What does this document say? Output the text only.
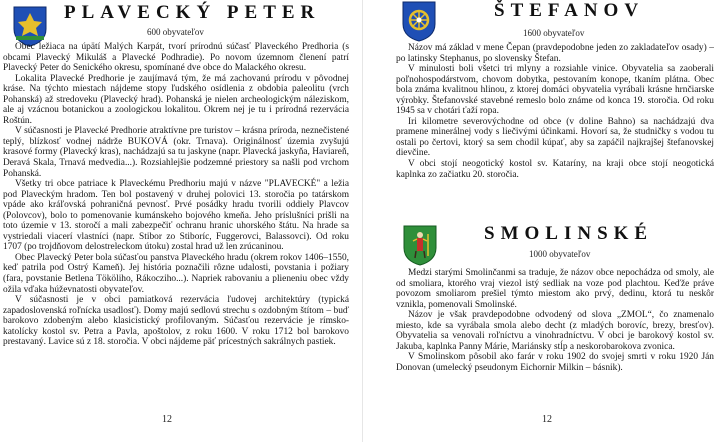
PLAVECKÝ PETER
600 obyvateľov

Obec ležiaca na úpätí Malých Karpát, tvorí prírodnú súčasť Plaveckého Predhoria (s obcami Plavecký Mikuláš a Plavecké Podhradie). Po novom územnom členení patrí Plavecký Peter do Senického okresu, spomínané dve obce do Malackého okresu.

Lokalita Plavecké Predhorie je zaujímavá tým, že má zachovanú prírodu v pôvodnej kráse. Na týchto miestach nájdeme stopy ľudského osídlenia z obdobia paleolitu (vrch Pohanská) až stredoveku (Plavecký hrad). Pohanská je nielen archeologickým náleziskom, ale aj vzácnou botanickou a zoologickou lokalitou. Okrem nej je tu i prírodná rezervácia Roštún.

V súčasnosti je Plavecké Predhorie atraktívne pre turistov – krásna príroda, neznečistené teplý, blízkosť vodnej nádrže BUKOVÁ (okr. Trnava). Originálnosť územia zvyšujú krasové formy (Plavecký kras), nachádzajú sa tu jaskyne (napr. Plavecká jaskyňa, Haviareň, Deravá Skala, Trnavá medvedia...). Rozsiahlejšie podzemné priestory sa našli pod vrchom Pohanská.

Všetky tri obce patriace k Plaveckému Predhoriu majú v názve "PLAVECKÉ" a ležia pod Plaveckým hradom. Ten bol postavený v druhej polovici 13. storočia po tatárskom vpáde ako kráľovská pohraničná pevnosť. Prvé posádky hradu tvorili oddiely Plavcov (Polovcov), bolo to pomenovanie kumánskeho bojového kmeňa. Jeho príslušníci prišli na toto územie v 13. storočí a mali zabezpečiť ochranu hranic uhorského štátu. Na hrade sa vystriedali viacerí vlastníci (napr. Stibor zo Stiboríc, Fuggerovci, Balassovci). Od roku 1707 (po trojdňovom delostreleckom útoku) zostal hrad už len zrúcaninou.

Obec Plavecký Peter bola súčasťou panstva Plaveckého hradu (okrem rokov 1406–1550, keď patrila pod Ostrý Kameň). Jej história poznačili rôzne udalosti, povstania i požiary (fara, povstanie Betlena Tököliho, Rákocziho...). Napriek rabovaniu a plieneniu obec vždy ožila vďaka húževnatosti obyvateľov.

V súčasnosti je v obci pamiatková rezervácia ľudovej architektúry (typická zapadoslovenská roľnícka usadlosť). Domy majú sedlovú strechu s ozdobným štítom – buď barokovo zdobeným alebo klasicistický profilovaným. Súčasťou rezervácie je rímsko-katolícky kostol sv. Petra a Pavla, apoštolov, z roku 1600. V roku 1712 bol barokovo prestavaný. Lavice sú z 18. storočia. V obci nájdeme päť prícestných sakrálnych pastiek.

12
ŠTEFANOV
1600 obyvateľov

Názov má základ v mene Čepan (pravdepodobne jeden zo zakladateľov osady) – po latinsky Stephanus, po slovensky Štefan.

V minulosti boli všetci tri mlyny a rozsiahle vinice. Obyvatelia sa zaoberali poľnohospodárstvom, chovom dobytka, pestovaním konope, tkaním plátna. Obec bola známa kvalitnou hlinou, z ktorej domáci obyvatelia vyrábali krásne hrnčiarske výrobky. Štefanovské stavebné remeslo bolo známe od konca 19. storočia. Od roku 1945 sa v chotári ťaží ropa.

Iri kilometre severovýchodne od obce (v doline Bahno) sa nachádzajú dva pramene minerálnej vody s liečivými účinkami. Hovorí sa, že studničky s vodou tu ostali po čertovi, ktorý sa sem chodil kúpať, aby sa zapáčil najkrajšej štefanovskej dievčine.

V obci stojí neogotický kostol sv. Kataríny, na kraji obce stojí neogotická kaplnka zo začiatku 20. storočia.

SMOLINSKÉ
1000 obyvateľov

Medzi starými Smolinčanmi sa traduje, že názov obce nepochádza od smoly, ale od smoliara, ktorého vraj viezol istý sedliak na voze pod plachtou. Keďže práve povozom smoliarom prešiel týmto miestom ako prvý, dedinu, ktorá tu neskôr vznikla, pomenovali Smolinské.

Názov je však pravdepodobne odvodený od slova „ZMOL“, čo znamenalo miesto, kde sa vyrábala smola alebo decht (z mladých borovíc, brezy, bresťov). Obyvatelia sa venovali roľníctvu a vinohradníctvu. V obci je barokový kostol sv. Jakuba, kaplnka Panny Márie, Mariánsky stĺp a neskorobarokova zvonica.

V Smolinskom pôsobil ako farár v roku 1902 do svojej smrti v roku 1920 Ján Donovan (umelecký pseudonym Eichornir Milkin – básnik).

12
